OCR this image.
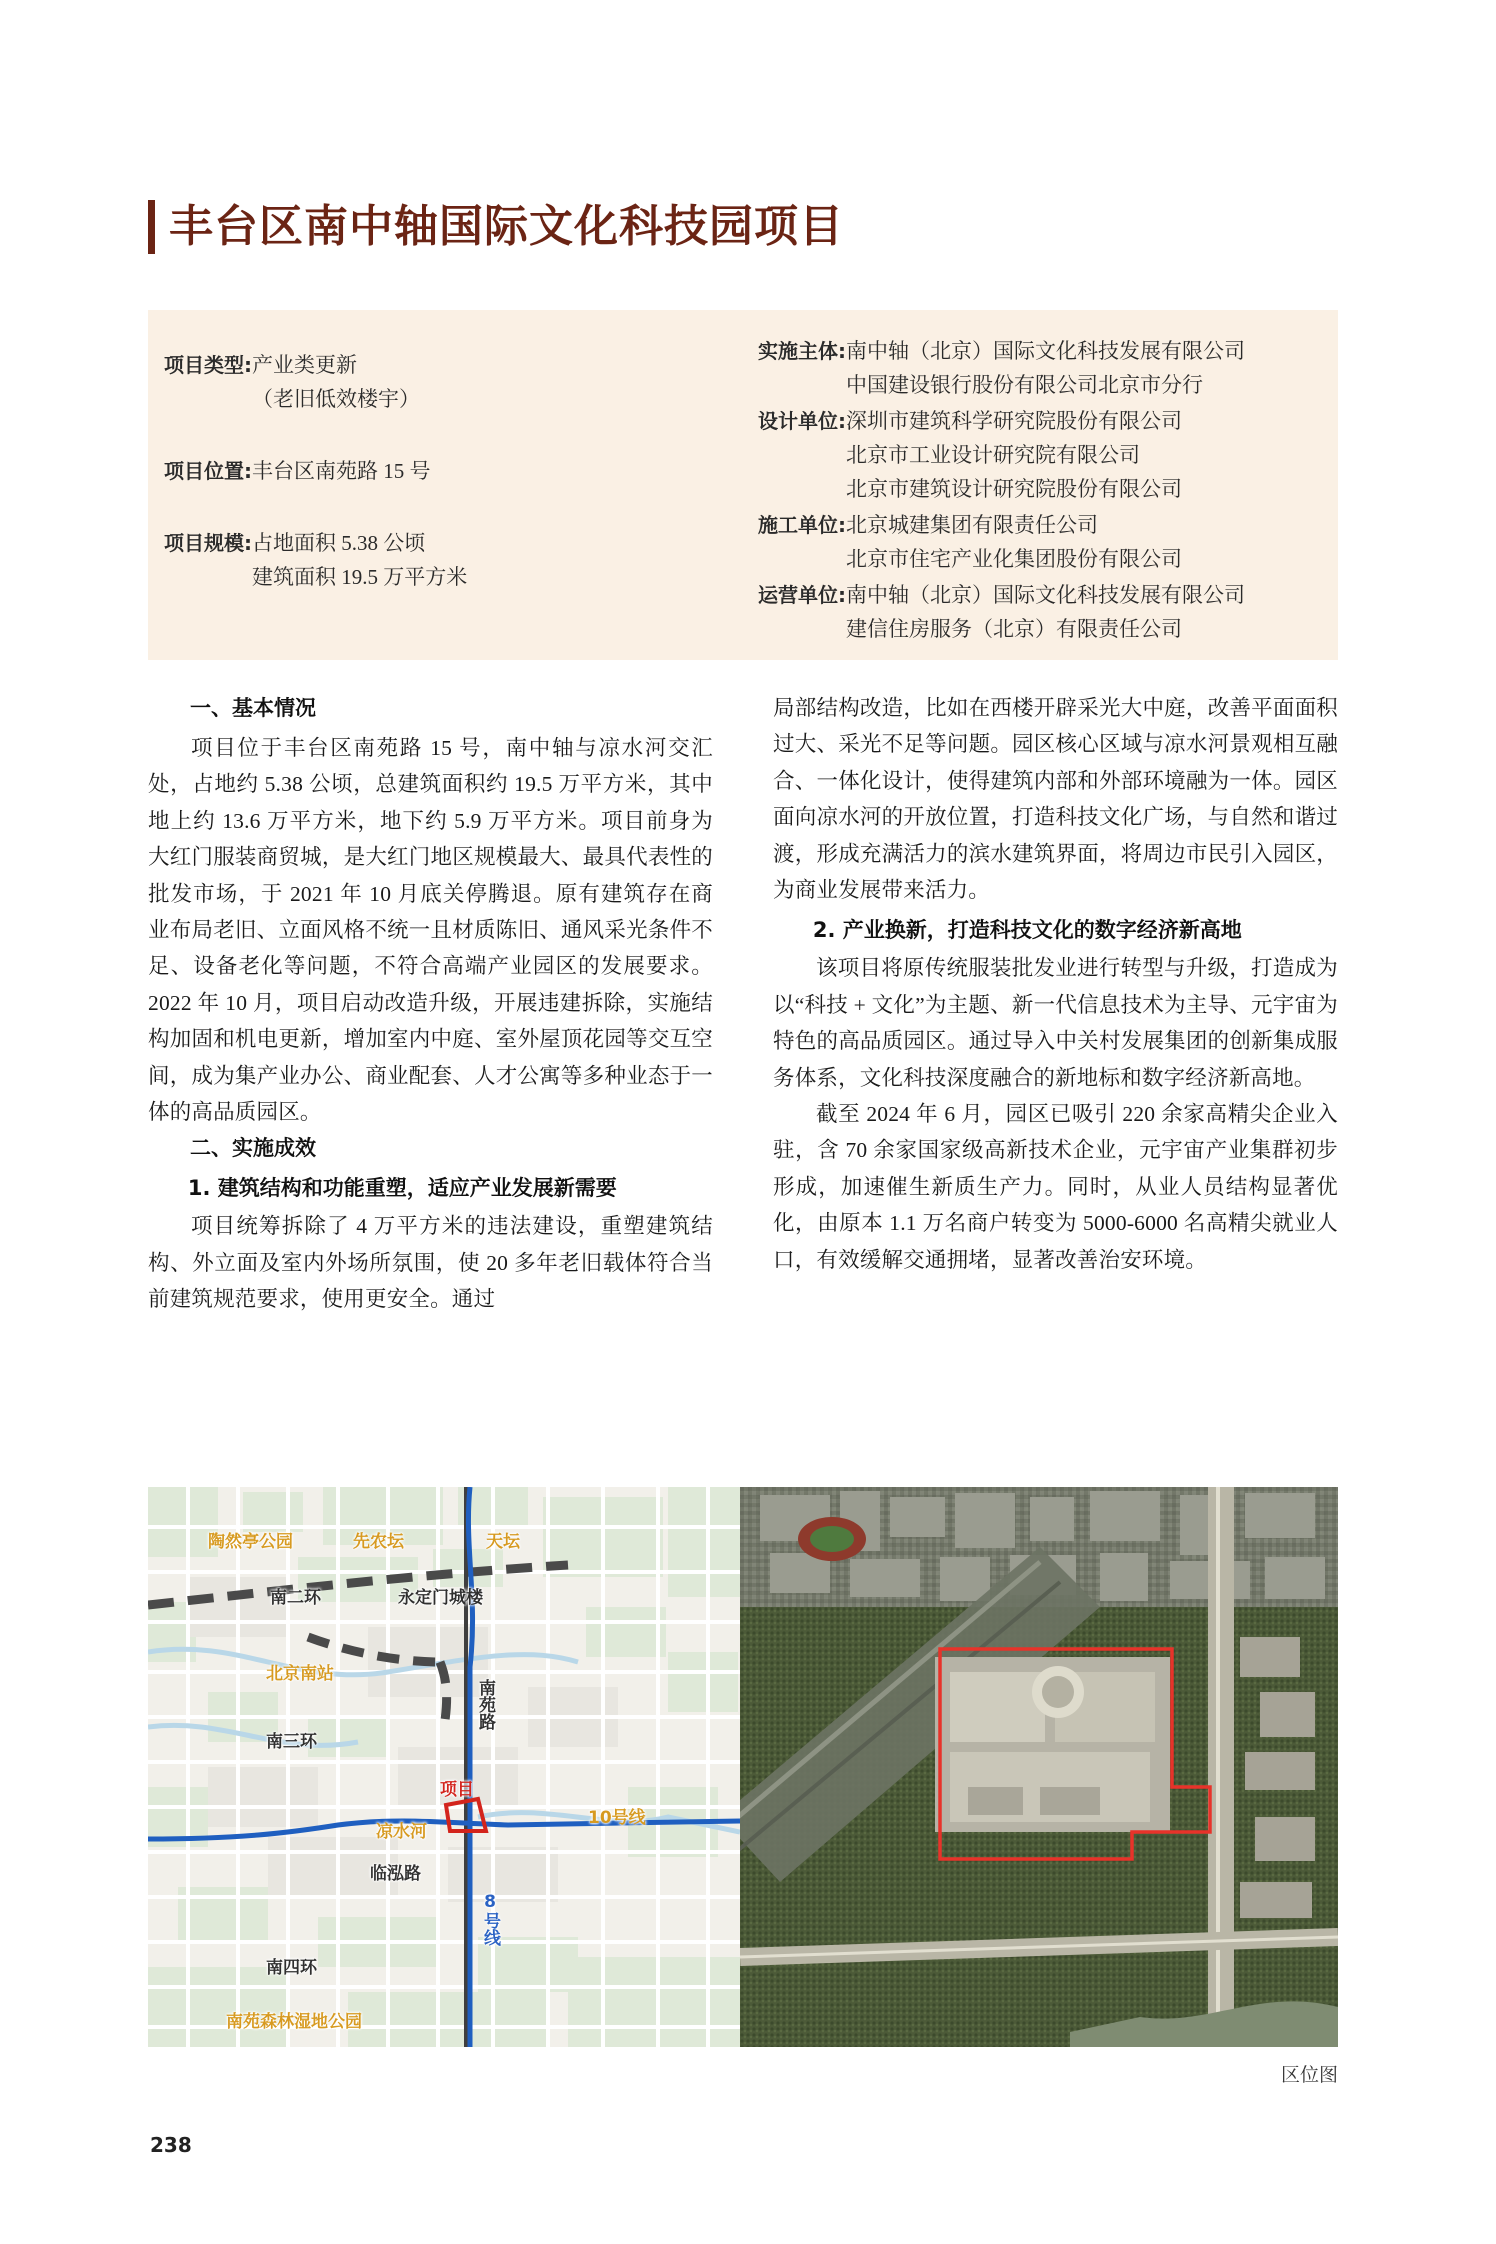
丰台区南中轴国际文化科技园项目
项目类型: 产业类更新
（老旧低效楼宇）
项目位置: 丰台区南苑路 15 号
项目规模: 占地面积 5.38 公顷
建筑面积 19.5 万平方米
实施主体: 南中轴（北京）国际文化科技发展有限公司
中国建设银行股份有限公司北京市分行
设计单位: 深圳市建筑科学研究院股份有限公司
北京市工业设计研究院有限公司
北京市建筑设计研究院股份有限公司
施工单位: 北京城建集团有限责任公司
北京市住宅产业化集团股份有限公司
运营单位: 南中轴（北京）国际文化科技发展有限公司
建信住房服务（北京）有限责任公司
一、基本情况

项目位于丰台区南苑路 15 号，南中轴与凉水河交汇处，占地约 5.38 公顷，总建筑面积约 19.5 万平方米，其中地上约 13.6 万平方米，地下约 5.9 万平方米。项目前身为大红门服装商贸城，是大红门地区规模最大、最具代表性的批发市场，于 2021 年 10 月底关停腾退。原有建筑存在商业布局老旧、立面风格不统一且材质陈旧、通风采光条件不足、设备老化等问题，不符合高端产业园区的发展要求。2022 年 10 月，项目启动改造升级，开展违建拆除，实施结构加固和机电更新，增加室内中庭、室外屋顶花园等交互空间，成为集产业办公、商业配套、人才公寓等多种业态于一体的高品质园区。

二、实施成效
1. 建筑结构和功能重塑，适应产业发展新需要

项目统筹拆除了 4 万平方米的违法建设，重塑建筑结构、外立面及室内外场所氛围，使 20 多年老旧载体符合当前建筑规范要求，使用更安全。通过

局部结构改造，比如在西楼开辟采光大中庭，改善平面面积过大、采光不足等问题。园区核心区域与凉水河景观相互融合、一体化设计，使得建筑内部和外部环境融为一体。园区面向凉水河的开放位置，打造科技文化广场，与自然和谐过渡，形成充满活力的滨水建筑界面，将周边市民引入园区，为商业发展带来活力。

2. 产业换新，打造科技文化的数字经济新高地

该项目将原传统服装批发业进行转型与升级，打造成为以“科技 + 文化”为主题、新一代信息技术为主导、元宇宙为特色的高品质园区。通过导入中关村发展集团的创新集成服务体系，文化科技深度融合的新地标和数字经济新高地。

截至 2024 年 6 月，园区已吸引 220 余家高精尖企业入驻，含 70 余家国家级高新技术企业，元宇宙产业集群初步形成，加速催生新质生产力。同时，从业人员结构显著优化，由原本 1.1 万名商户转变为 5000-6000 名高精尖就业人口，有效缓解交通拥堵，显著改善治安环境。

陶然亭公园	先农坛	天坛
南二环	永定门城楼
北京南站
南三环
南苑路
项目
凉水河
10号线
临泓路
8号线
南四环
南苑森林湿地公园
区位图
238
